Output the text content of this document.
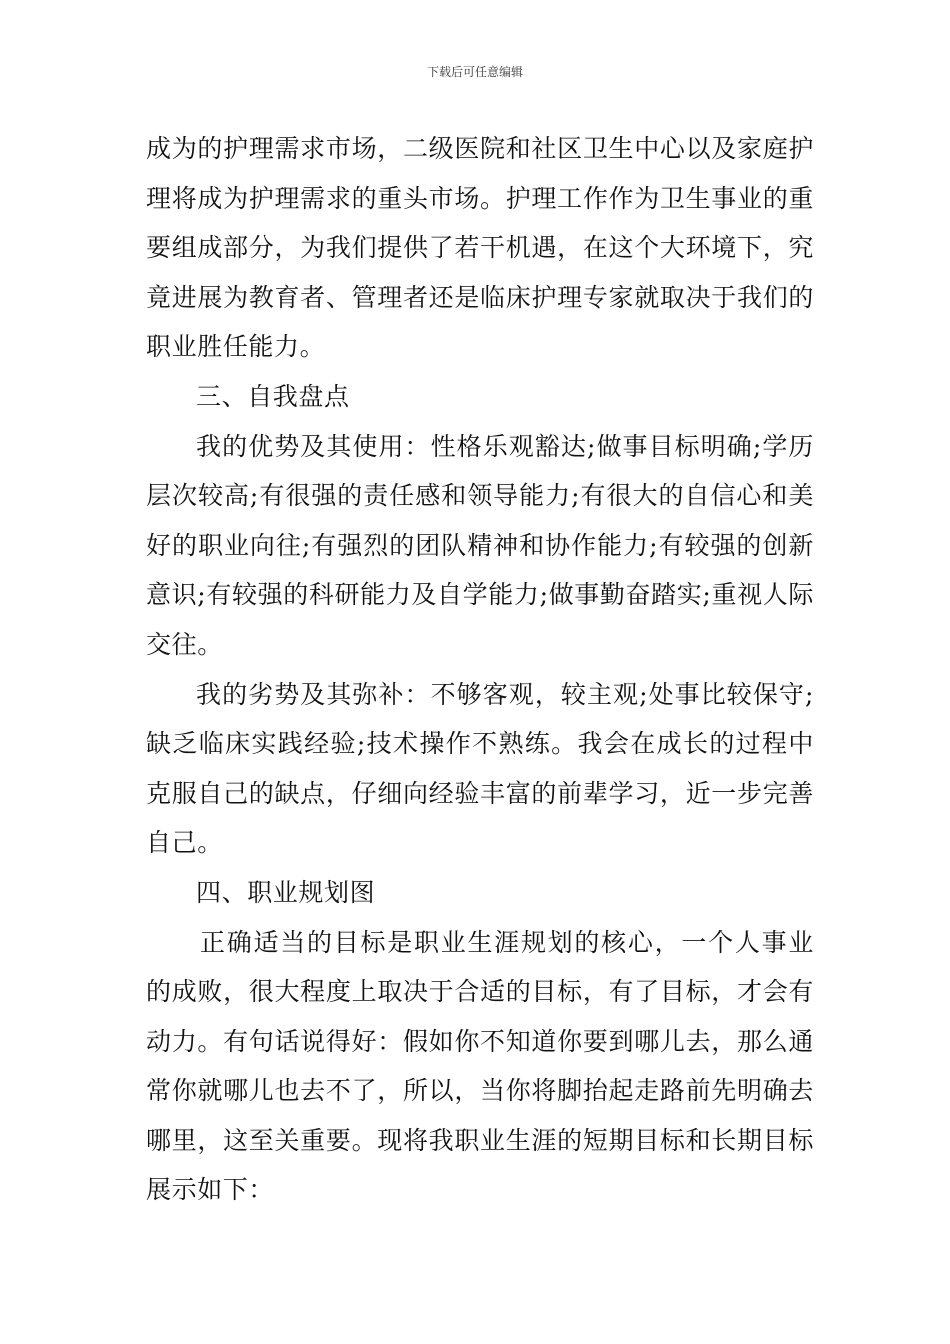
下载后可任意编辑

成为的护理需求市场，二级医院和社区卫生中心以及家庭护理将成为护理需求的重头市场。护理工作作为卫生事业的重要组成部分，为我们提供了若干机遇，在这个大环境下，究竟进展为教育者、管理者还是临床护理专家就取决于我们的职业胜任能力。

三、自我盘点

我的优势及其使用：性格乐观豁达;做事目标明确;学历层次较高;有很强的责任感和领导能力;有很大的自信心和美好的职业向往;有强烈的团队精神和协作能力;有较强的创新意识;有较强的科研能力及自学能力;做事勤奋踏实;重视人际交往。

我的劣势及其弥补：不够客观，较主观;处事比较保守;缺乏临床实践经验;技术操作不熟练。我会在成长的过程中克服自己的缺点，仔细向经验丰富的前辈学习，近一步完善自己。

四、职业规划图

正确适当的目标是职业生涯规划的核心，一个人事业的成败，很大程度上取决于合适的目标，有了目标，才会有动力。有句话说得好：假如你不知道你要到哪儿去，那么通常你就哪儿也去不了，所以，当你将脚抬起走路前先明确去哪里，这至关重要。现将我职业生涯的短期目标和长期目标展示如下：
